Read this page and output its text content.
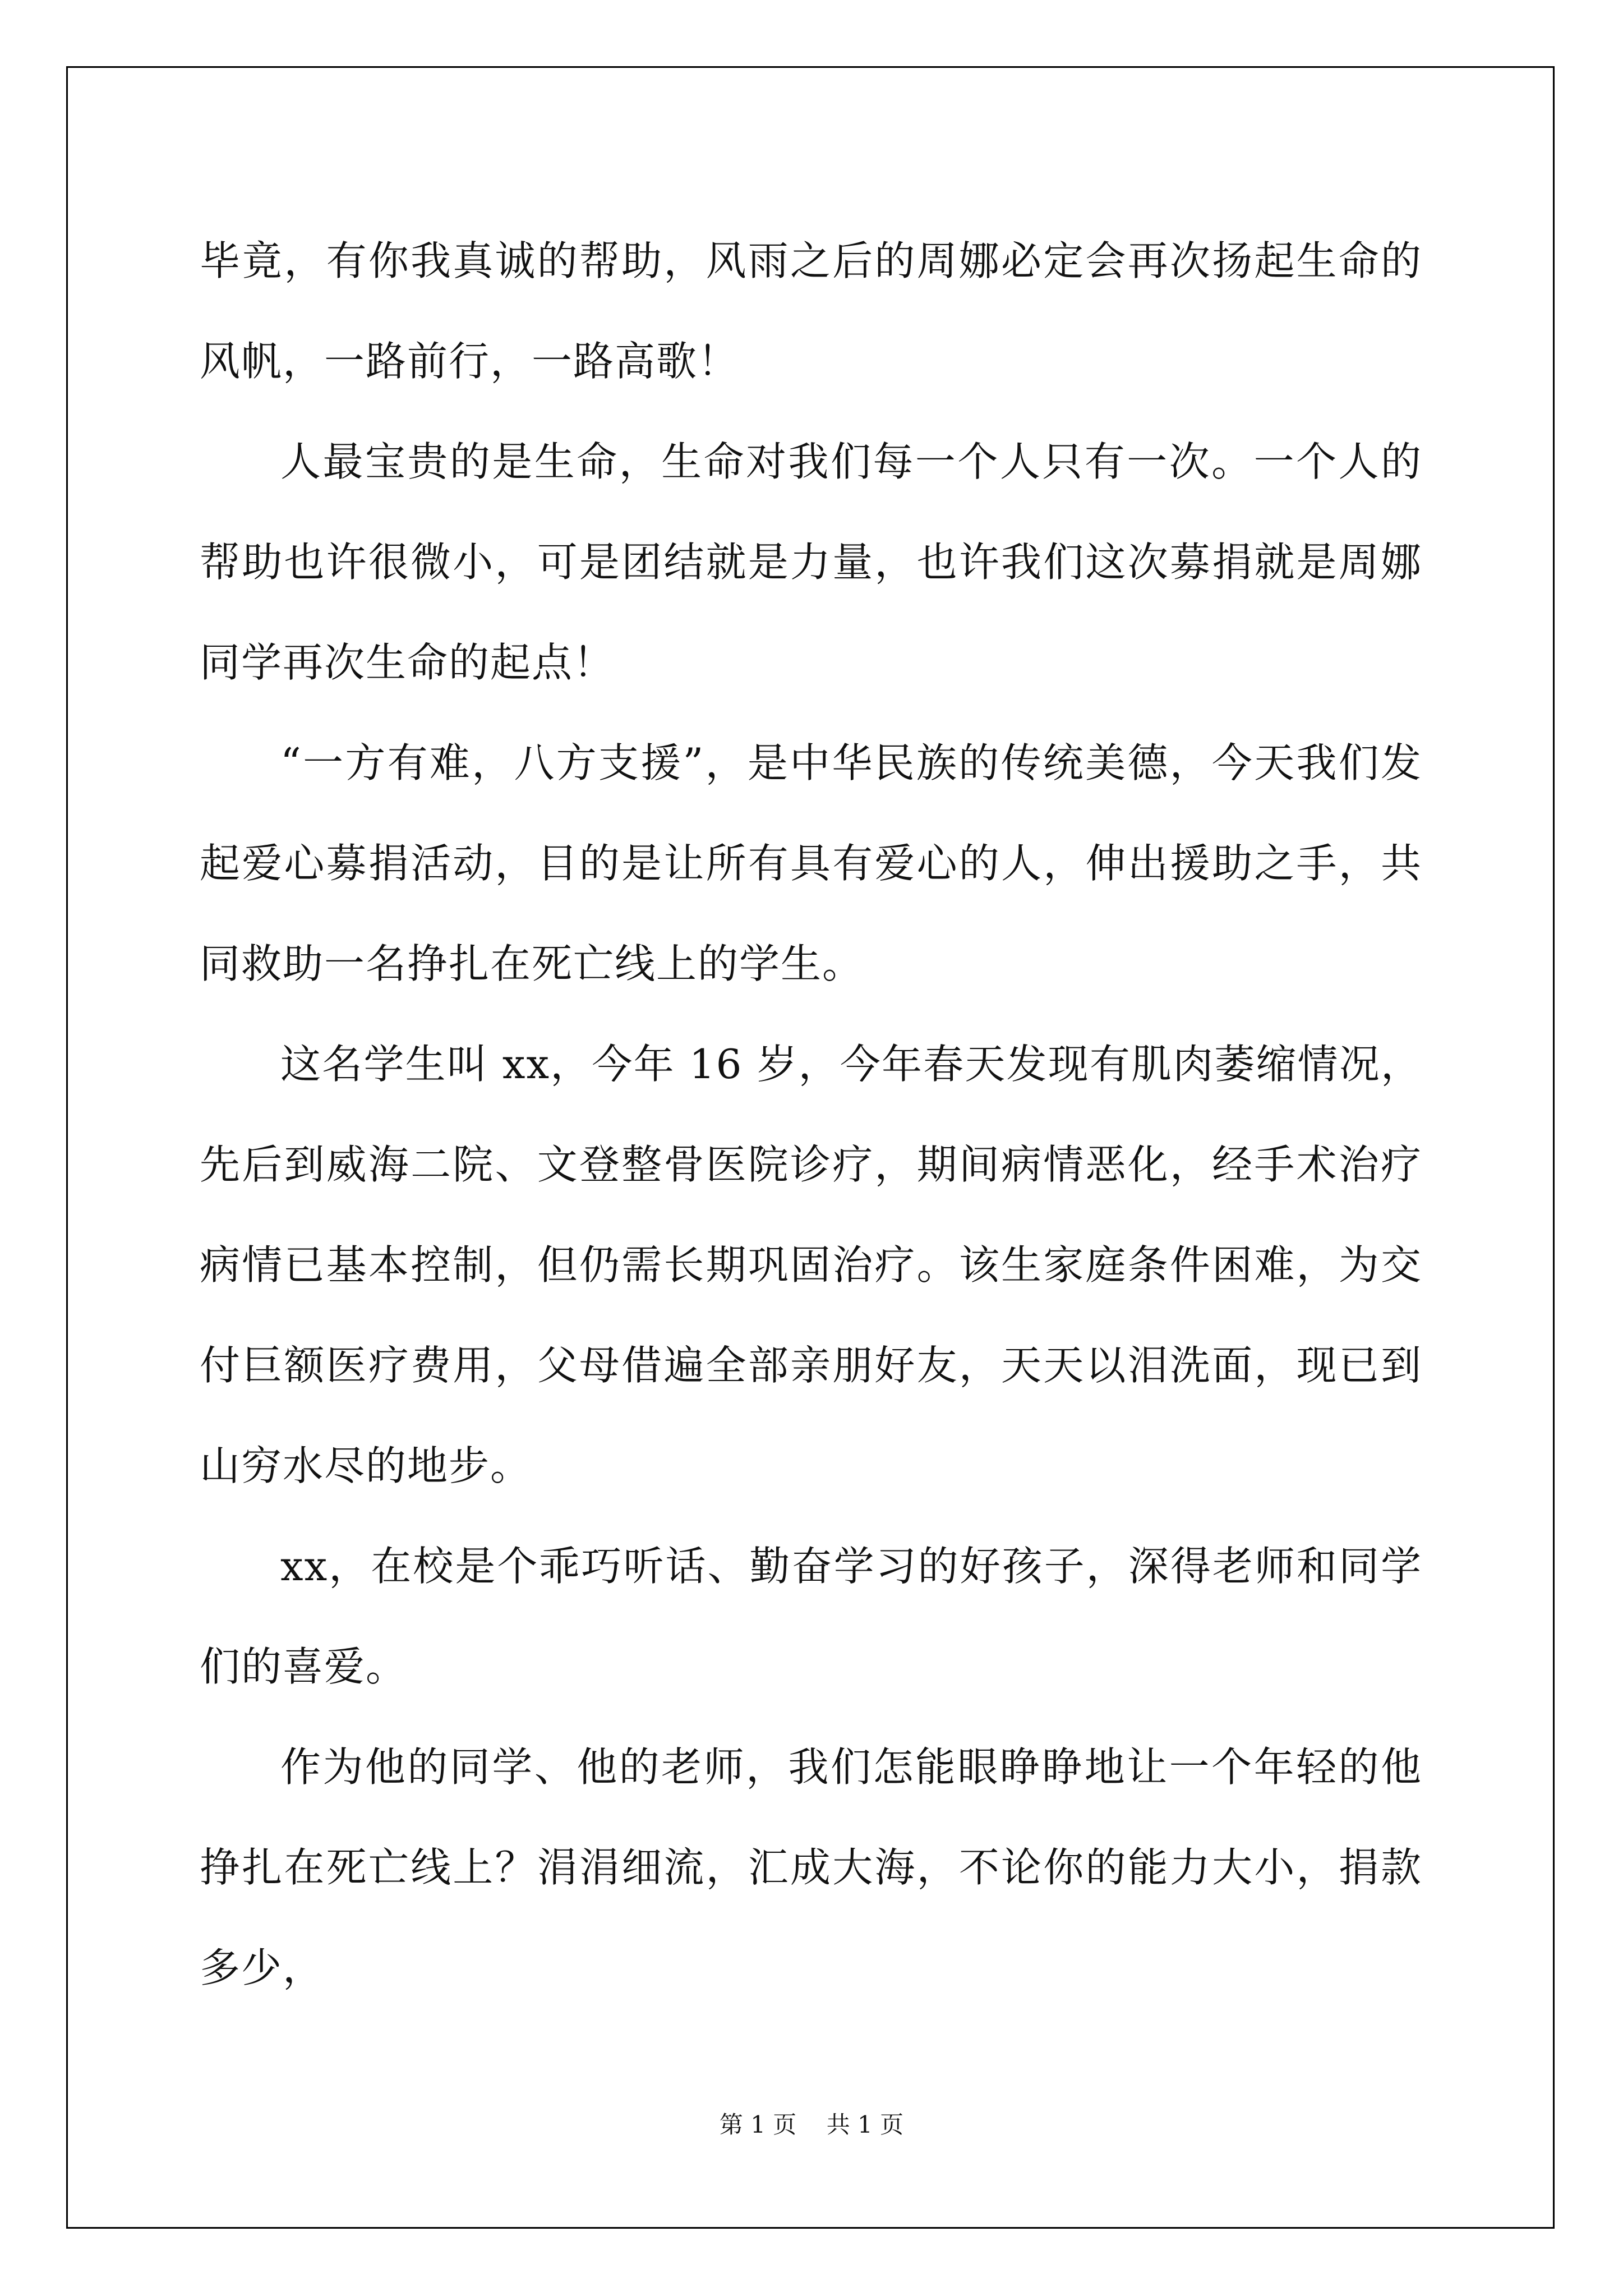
毕竟，有你我真诚的帮助，风雨之后的周娜必定会再次扬起生命的风帆，一路前行，一路高歌！

人最宝贵的是生命，生命对我们每一个人只有一次。一个人的帮助也许很微小，可是团结就是力量，也许我们这次募捐就是周娜同学再次生命的起点！

“一方有难，八方支援”，是中华民族的传统美德，今天我们发起爱心募捐活动，目的是让所有具有爱心的人，伸出援助之手，共同救助一名挣扎在死亡线上的学生。

这名学生叫 xx，今年 16 岁，今年春天发现有肌肉萎缩情况，先后到威海二院、文登整骨医院诊疗，期间病情恶化，经手术治疗病情已基本控制，但仍需长期巩固治疗。该生家庭条件困难，为交付巨额医疗费用，父母借遍全部亲朋好友，天天以泪洗面，现已到山穷水尽的地步。

xx，在校是个乖巧听话、勤奋学习的好孩子，深得老师和同学们的喜爱。

作为他的同学、他的老师，我们怎能眼睁睁地让一个年轻的他挣扎在死亡线上？涓涓细流，汇成大海，不论你的能力大小，捐款多少，

第 1 页    共 1 页
